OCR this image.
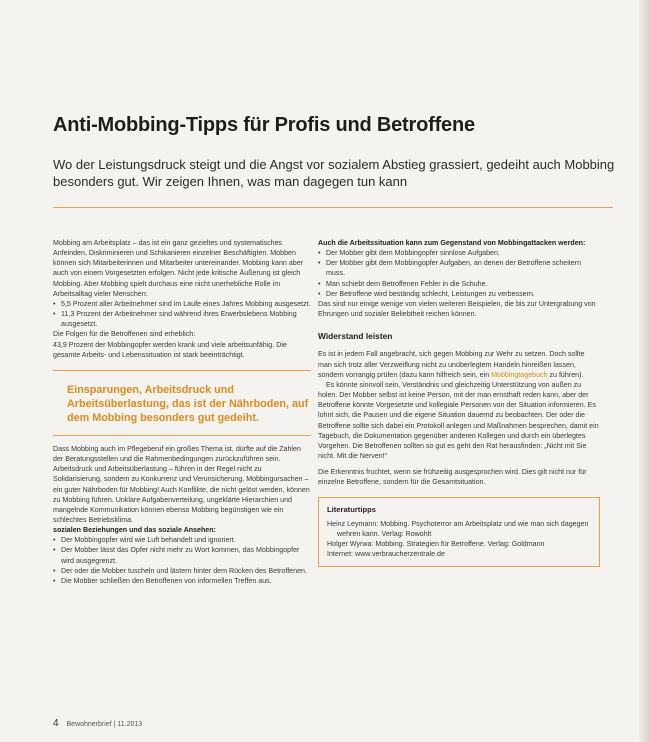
Anti-Mobbing-Tipps für Profis und Betroffene
Wo der Leistungsdruck steigt und die Angst vor sozialem Abstieg grassiert, gedeiht auch Mobbing besonders gut. Wir zeigen Ihnen, was man dagegen tun kann

Mobbing am Arbeitsplatz – das ist ein ganz gezieltes und systematisches Anfeinden, Diskriminieren und Schikanieren einzelner Beschäftigten. Mobben können sich Mitarbeiterinnen und Mitarbeiter untereinander. Mobbing kann aber auch von einem Vorgesetzten erfolgen. Nicht jede kritische Äußerung ist gleich Mobbing. Aber Mobbing spielt durchaus eine nicht unerhebliche Rolle im Arbeitsalltag vieler Menschen:

• 5,5 Prozent aller Arbeitnehmer sind im Laufe eines Jahres Mobbing ausgesetzt.
• 11,3 Prozent der Arbeitnehmer sind während ihres Erwerbslebens Mobbing ausgesetzt.

Die Folgen für die Betroffenen sind erheblich:

43,9 Prozent der Mobbingopfer werden krank und viele arbeitsunfähig. Die gesamte Arbeits- und Lebenssituation ist stark beeinträchtigt.

Einsparungen, Arbeitsdruck und Arbeitsüberlastung, das ist der Nährboden, auf dem Mobbing besonders gut gedeiht.

Dass Mobbing auch im Pflegeberuf ein großes Thema ist, dürfte auf die Zahlen der Beratungsstellen und die Rahmenbedingungen zurückzuführen sein. Arbeitsdruck und Arbeitsüberlastung – führen in der Regel nicht zu Solidarisierung, sondern zu Konkurrenz und Verunsicherung. Mobbingursachen – ein guter Nährboden für Mobbing! Auch Konflikte, die nicht gelöst werden, können zu Mobbing führen. Unklare Aufgabenverteilung, ungeklärte Hierarchien und mangelnde Kommunikation können ebenso Mobbing begünstigen wie ein schlechtes Betriebsklima.

sozialen Beziehungen und das soziale Ansehen:

• Der Mobbingopfer wird wie Luft behandelt und ignoriert.
• Der Mobber lässt das Opfer nicht mehr zu Wort kommen, das Mobbingopfer wird ausgegrenzt.
• Der oder die Mobber tuscheln und lästern hinter dem Rücken des Betroffenen.
• Die Mobber schließen den Betroffenen von informellen Treffen aus.

Auch die Arbeitssituation kann zum Gegenstand von Mobbingattacken werden:

• Der Mobber gibt dem Mobbingopfer sinnlose Aufgaben.
• Der Mobber gibt dem Mobbingopfer Aufgaben, an denen der Betroffene scheitern muss.
• Man schiebt dem Betroffenen Fehler in die Schuhe.
• Der Betroffene wird beständig schlecht, Leistungen zu verbessern.

Das sind nur einige wenige von vielen weiteren Beispielen, die bis zur Untergrabung von Ehrungen und sozialer Beliebtheit reichen können.

Widerstand leisten

Es ist in jedem Fall angebracht, sich gegen Mobbing zur Wehr zu setzen. Doch sollte man sich trotz aller Verzweiflung nicht zu unüberlegtem Handeln hinreißen lassen, sondern vorrangig prüfen (dazu kann hilfreich sein, ein Mobbingtagebuch zu führen).

Es könnte sinnvoll sein, Verständnis und gleichzeitig Unterstützung von außen zu holen. Der Mobber selbst ist keine Person, mit der man ernsthaft reden kann, aber der Betroffene könnte Vorgesetzte und kollegiale Personen von der Situation informieren. Es lohnt sich, die Pausen und die eigene Situation dauernd zu beobachten. Der oder die Betroffene sollte sich dabei ein Protokoll anlegen und Maßnahmen besprechen, damit ein Tagebuch, die Dokumentation gegenüber anderen Kollegen und durch ein überlegtes Vorgehen. Die Betroffenen sollten so gut es geht den Rat herausfinden: „Nicht mit Sie nicht. Mit die Nerven!“

Die Erkenntnis fruchtet, wenn sie frühzeitig ausgesprochen wird. Dies gilt nicht nur für einzelne Betroffene, sondern für die Gesamtsituation.

Literaturtipps
Heinz Leymann: Mobbing. Psychoterror am Arbeitsplatz und wie man sich dagegen wehren kann. Verlag: Rowohlt
Holger Wyrwa: Mobbing. Strategien für Betroffene. Verlag: Goldmann
Internet: www.verbraucherzentrale.de
4 Bewohnerbrief | 11.2013
